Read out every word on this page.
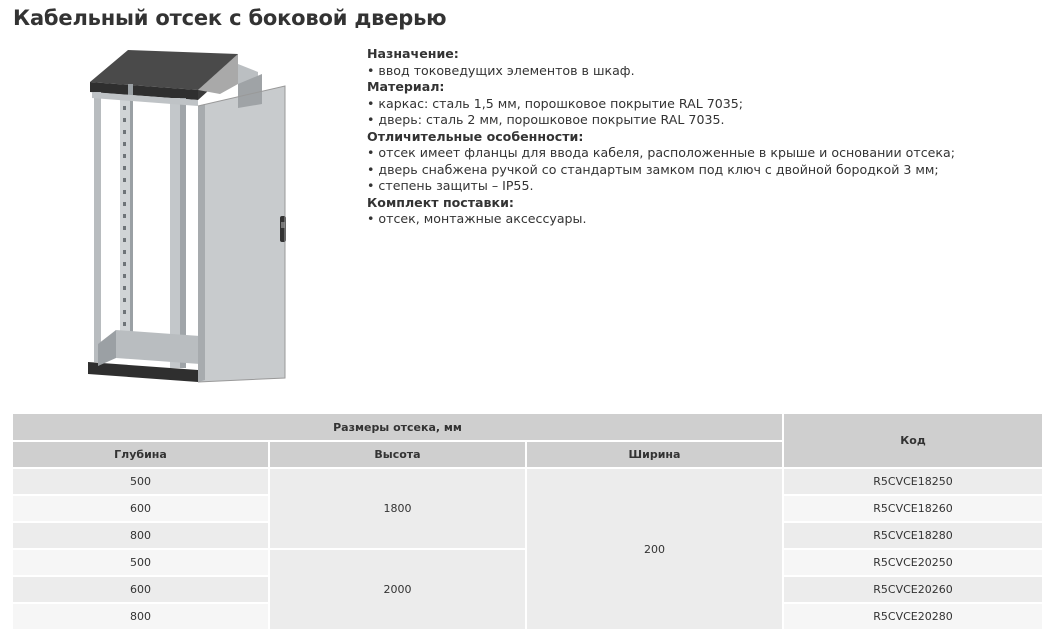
Кабельный отсек с боковой дверью
Назначение:
• ввод токоведущих элементов в шкаф.
Материал:
• каркас: сталь 1,5 мм, порошковое покрытие RAL 7035;
• дверь: сталь 2 мм, порошковое покрытие RAL 7035.
Отличительные особенности:
• отсек имеет фланцы для ввода кабеля, расположенные в крыше и основании отсека;
• дверь снабжена ручкой со стандартым замком под ключ с двойной бородкой 3 мм;
• степень защиты – IP55.
Комплект поставки:
• отсек, монтажные аксессуары.
Размеры отсека, мм			Код
Глубина	Высота	Ширина	
500	1800	200	R5CVCE18250
600			R5CVCE18260
800			R5CVCE18280
500	2000		R5CVCE20250
600			R5CVCE20260
800			R5CVCE20280
